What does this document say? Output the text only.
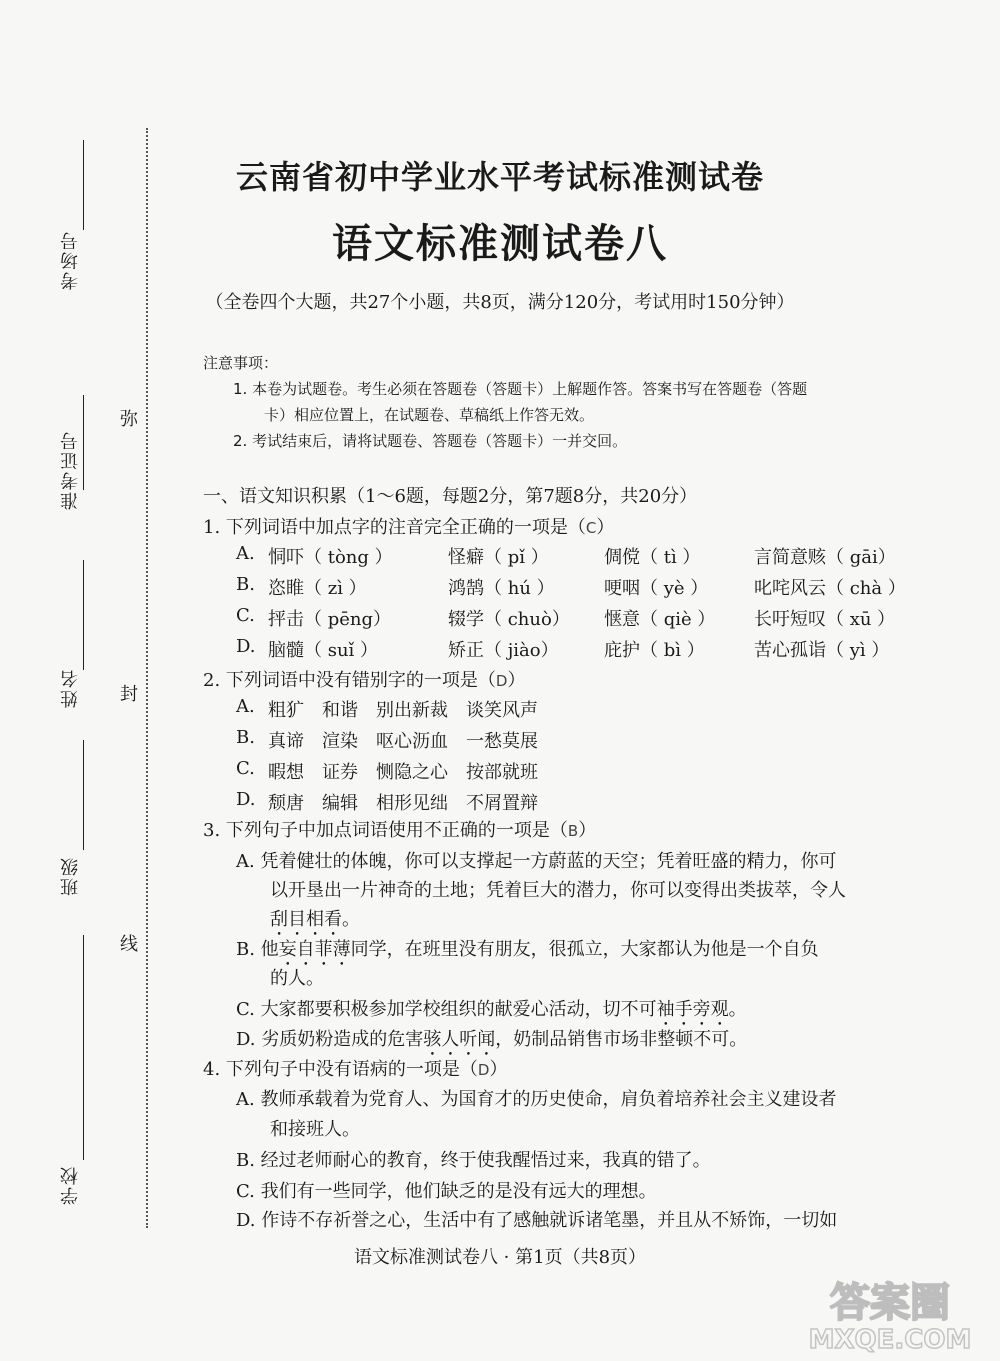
考场号
准考证号
姓名
班级
学校
弥
封
线
云南省初中学业水平考试标准测试卷
语文标准测试卷八
（全卷四个大题，共27个小题，共8页，满分120分，考试用时150分钟）
注意事项：
1. 本卷为试题卷。考生必须在答题卷（答题卡）上解题作答。答案书写在答题卷（答题
卡）相应位置上，在试题卷、草稿纸上作答无效。
2. 考试结束后，请将试题卷、答题卷（答题卡）一并交回。
一、语文知识积累（1～6题，每题2分，第7题8分，共20分）
1. 下列词语中加点字的注音完全正确的一项是（C）
A. 恫吓（ tòng ）	怪癖（ pǐ ）	倜傥（ tì ）	言简意赅（ gāi）
B. 恣睢（ zì ）	鸿鹄（ hú ）	哽咽（ yè ）	叱咤风云（ chà ）
C. 抨击（ pēng）	辍学（ chuò） 惬意（ qiè ） 长吁短叹（ xū ）
D. 脑髓（ suǐ ）	矫正（ jiào）	庇护（ bì ）	苦心孤诣（ yì ）
2. 下列词语中没有错别字的一项是（D）
A. 粗犷　和谐　别出新裁　谈笑风声
B. 真谛　渲染　呕心沥血　一愁莫展
C. 暇想　证券　恻隐之心　按部就班
D. 颓唐　编辑　相形见绌　不屑置辩
3. 下列句子中加点词语使用不正确的一项是（B）
A. 凭着健壮的体魄，你可以支撑起一方蔚蓝的天空；凭着旺盛的精力，你可
以开垦出一片神奇的土地；凭着巨大的潜力，你可以变得出类拔萃，令人
刮目相看。
B. 他妄自菲薄同学，在班里没有朋友，很孤立，大家都认为他是一个自负
的人。
C. 大家都要积极参加学校组织的献爱心活动，切不可袖手旁观。
D. 劣质奶粉造成的危害骇人听闻，奶制品销售市场非整顿不可。
4. 下列句子中没有语病的一项是（D）
A. 教师承载着为党育人、为国育才的历史使命，肩负着培养社会主义建设者
和接班人。
B. 经过老师耐心的教育，终于使我醒悟过来，我真的错了。
C. 我们有一些同学，他们缺乏的是没有远大的理想。
D. 作诗不存祈誉之心，生活中有了感触就诉诸笔墨，并且从不矫饰，一切如
语文标准测试卷八 · 第1页（共8页）
答案圈
MXQE.COM
